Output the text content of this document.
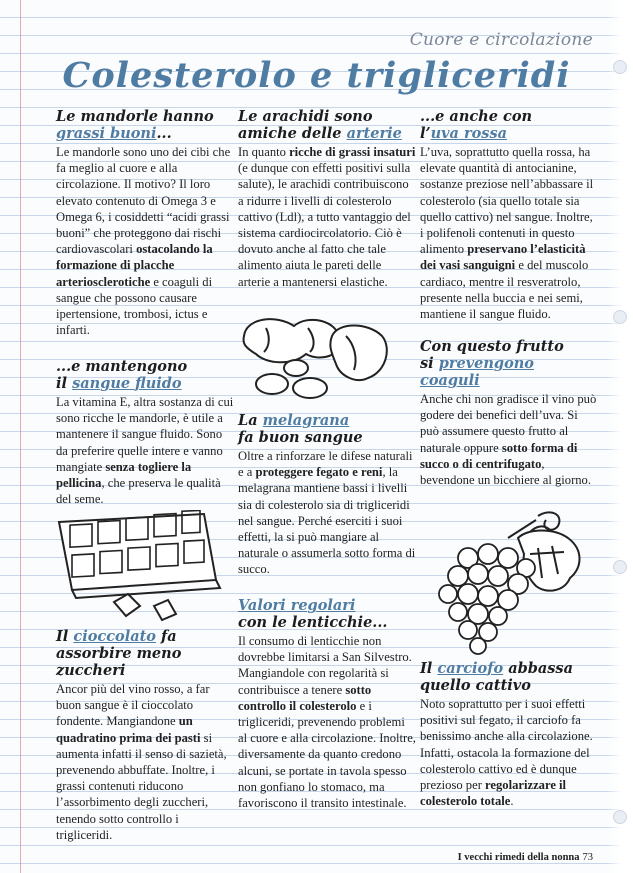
Cuore e circolazione
Colesterolo e trigliceridi

Le mandorle hanno
grassi buoni...

Le mandorle sono uno dei cibi che fa meglio al cuore e alla circolazione. Il motivo? Il loro elevato contenuto di Omega 3 e Omega 6, i cosiddetti “acidi grassi buoni” che proteggono dai rischi cardiovascolari ostacolando la formazione di placche arteriosclerotiche e coaguli di sangue che possono causare ipertensione, trombosi, ictus e infarti.

...e mantengono
il sangue fluido

La vitamina E, altra sostanza di cui sono ricche le mandorle, è utile a mantenere il sangue fluido. Sono da preferire quelle intere e vanno mangiate senza togliere la pellicina, che preserva le qualità del seme.

Il cioccolato fa
assorbire meno zuccheri

Ancor più del vino rosso, a far buon sangue è il cioccolato fondente. Mangiandone un quadratino prima dei pasti si aumenta infatti il senso di sazietà, prevenendo abbuffate. Inoltre, i grassi contenuti riducono l’assorbimento degli zuccheri, tenendo sotto controllo i trigliceridi.

Le arachidi sono
amiche delle arterie

In quanto ricche di grassi insaturi (e dunque con effetti positivi sulla salute), le arachidi contribuiscono a ridurre i livelli di colesterolo cattivo (Ldl), a tutto vantaggio del sistema cardiocircolatorio. Ciò è dovuto anche al fatto che tale alimento aiuta le pareti delle arterie a mantenersi elastiche.

La melagrana
fa buon sangue

Oltre a rinforzare le difese naturali e a proteggere fegato e reni, la melagrana mantiene bassi i livelli sia di colesterolo sia di trigliceridi nel sangue. Perché eserciti i suoi effetti, la si può mangiare al naturale o assumerla sotto forma di succo.

Valori regolari
con le lenticchie...

Il consumo di lenticchie non dovrebbe limitarsi a San Silvestro. Mangiandole con regolarità si contribuisce a tenere sotto controllo il colesterolo e i trigliceridi, prevenendo problemi al cuore e alla circolazione. Inoltre, diversamente da quanto credono alcuni, se portate in tavola spesso non gonfiano lo stomaco, ma favoriscono il transito intestinale.

...e anche con
l’uva rossa

L’uva, soprattutto quella rossa, ha elevate quantità di antocianine, sostanze preziose nell’abbassare il colesterolo (sia quello totale sia quello cattivo) nel sangue. Inoltre, i polifenoli contenuti in questo alimento preservano l’elasticità dei vasi sanguigni e del muscolo cardiaco, mentre il resveratrolo, presente nella buccia e nei semi, mantiene il sangue fluido.

Con questo frutto
si prevengono coaguli

Anche chi non gradisce il vino può godere dei benefici dell’uva. Si può assumere questo frutto al naturale oppure sotto forma di succo o di centrifugato, bevendone un bicchiere al giorno.

Il carciofo abbassa
quello cattivo

Noto soprattutto per i suoi effetti positivi sul fegato, il carciofo fa benissimo anche alla circolazione. Infatti, ostacola la formazione del colesterolo cattivo ed è dunque prezioso per regolarizzare il colesterolo totale.

I vecchi rimedi della nonna 73
